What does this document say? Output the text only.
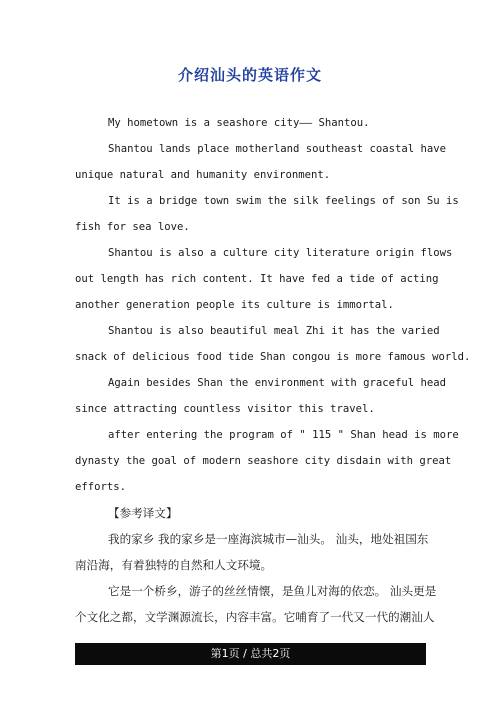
介绍汕头的英语作文
My hometown is a seashore city—— Shantou.
Shantou lands place motherland southeast coastal have
unique natural and humanity environment.
It is a bridge town swim the silk feelings of son Su is
fish for sea love.
Shantou is also a culture city literature origin flows
out length has rich content. It have fed a tide of acting
another generation people its culture is immortal.
Shantou is also beautiful meal Zhi it has the varied
snack of delicious food tide Shan congou is more famous world.
Again besides Shan the environment with graceful head
since attracting countless visitor this travel.
after entering the program of " 115 " Shan head is more
dynasty the goal of modern seashore city disdain with great
efforts.
【参考译文】
我的家乡 我的家乡是一座海滨城市—汕头。 汕头，地处祖国东
南沿海，有着独特的自然和人文环境。
它是一个桥乡，游子的丝丝情懐，是鱼儿对海的依恋。 汕头更是
个文化之都，文学渊源流长，内容丰富。它哺育了一代又一代的潮汕人
第1页 / 总共2页
